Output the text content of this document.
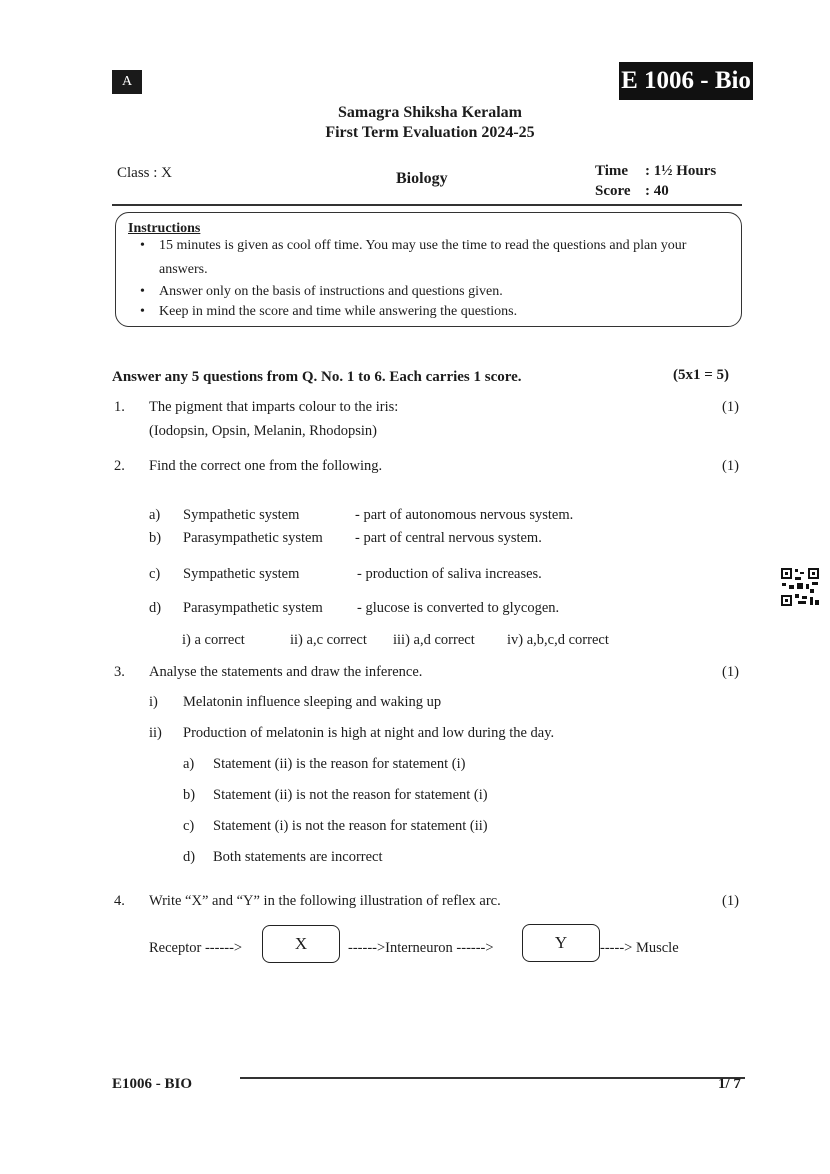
A	E 1006 - Bio
Samagra Shiksha Keralam
First Term Evaluation 2024-25
Class : X	Biology	Time : 1½ Hours
Score : 40
Instructions
• 15 minutes is given as cool off time. You may use the time to read the questions and plan your
answers.
• Answer only on the basis of instructions and questions given.
• Keep in mind the score and time while answering the questions.
Answer any 5 questions from Q. No. 1 to 6. Each carries 1 score.	(5x1 = 5)
1. The pigment that imparts colour to the iris:	(1)
(Iodopsin, Opsin, Melanin, Rhodopsin)
2. Find the correct one from the following.	(1)
a) Sympathetic system	- part of autonomous nervous system.
b) Parasympathetic system - part of central nervous system.
c) Sympathetic system	- production of saliva increases.
d) Parasympathetic system - glucose is converted to glycogen.
i) a correct	ii) a,c correct iii) a,d correct iv) a,b,c,d correct
3. Analyse the statements and draw the inference.	(1)
i) Melatonin influence sleeping and waking up
ii) Production of melatonin is high at night and low during the day.
a) Statement (ii) is the reason for statement (i)
b) Statement (ii) is not the reason for statement (i)
c) Statement (i) is not the reason for statement (ii)
d) Both statements are incorrect
4. Write “X” and “Y” in the following illustration of reflex arc.	(1)
Receptor ------>	X	------>Interneuron ------>	Y	-----> Muscle
E1006 - BIO	1/ 7
